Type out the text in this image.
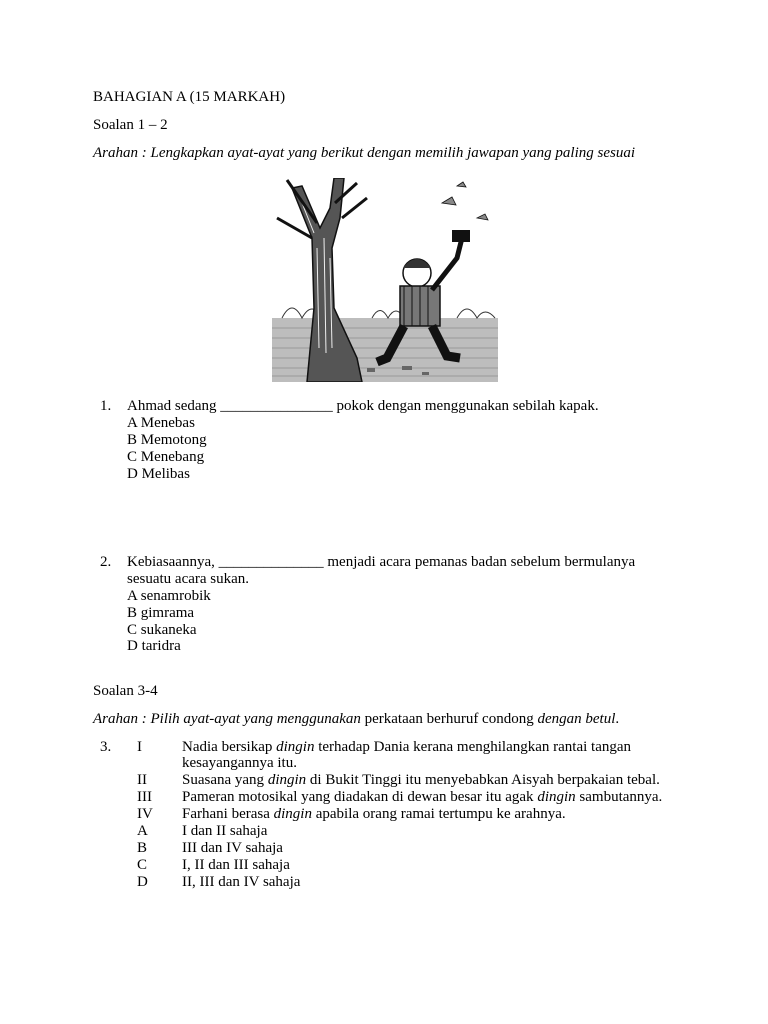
BAHAGIAN A (15 MARKAH)
Soalan 1 – 2
Arahan : Lengkapkan ayat-ayat yang berikut dengan memilih jawapan yang paling sesuai
1. Ahmad sedang _______________ pokok dengan menggunakan sebilah kapak.
A Menebas
B Memotong
C Menebang
D Melibas
2. Kebiasaannya, ______________ menjadi acara pemanas badan sebelum bermulanya
sesuatu acara sukan.
A senamrobik
B gimrama
C sukaneka
D taridra
Soalan 3-4
Arahan : Pilih ayat-ayat yang menggunakan perkataan berhuruf condong dengan betul.
3. I	Nadia bersikap dingin terhadap Dania kerana menghilangkan rantai tangan
kesayangannya itu.
II Suasana yang dingin di Bukit Tinggi itu menyebabkan Aisyah berpakaian tebal.
III Pameran motosikal yang diadakan di dewan besar itu agak dingin sambutannya.
IV Farhani berasa dingin apabila orang ramai tertumpu ke arahnya.
A I dan II sahaja
B III dan IV sahaja
C I, II dan III sahaja
D II, III dan IV sahaja
